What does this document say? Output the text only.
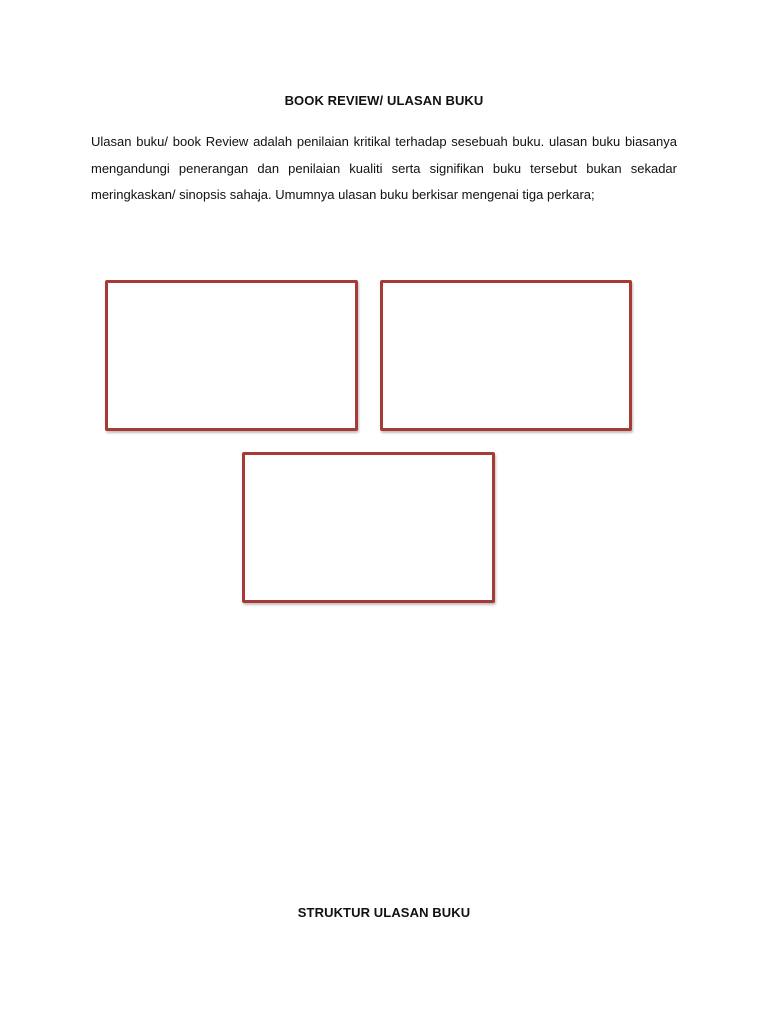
BOOK REVIEW/ ULASAN BUKU

Ulasan buku/ book Review adalah penilaian kritikal terhadap sesebuah buku. ulasan buku biasanya mengandungi penerangan dan penilaian kualiti serta signifikan buku tersebut bukan sekadar meringkaskan/ sinopsis sahaja. Umumnya ulasan buku berkisar mengenai tiga perkara;

STRUKTUR ULASAN BUKU
